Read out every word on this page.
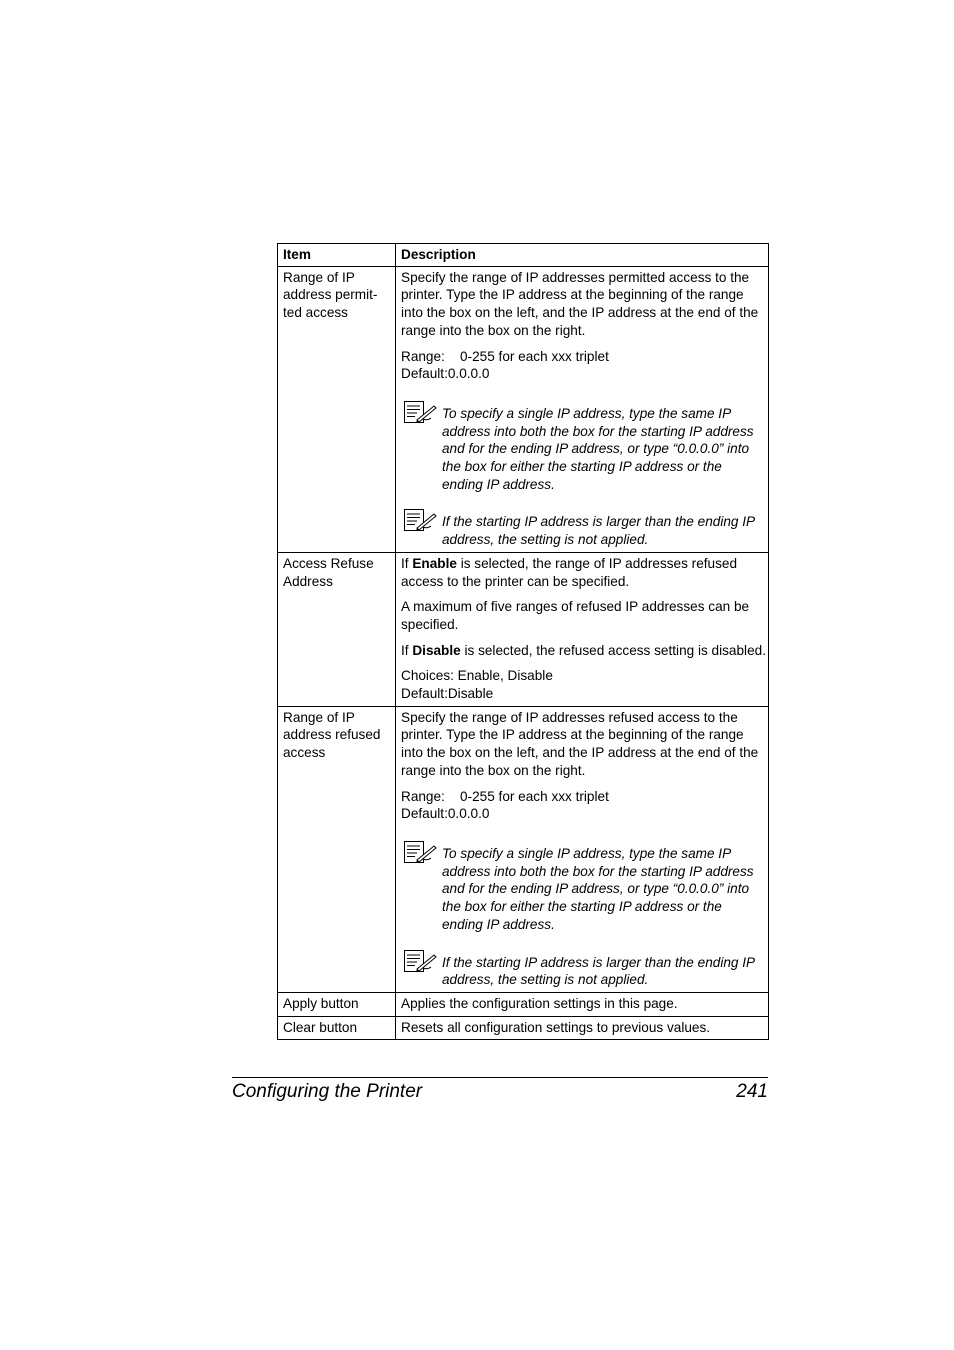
Item	Description
Range of IP address permit-ted access	Specify the range of IP addresses permitted access to the printer. Type the IP address at the beginning of the range into the box on the left, and the IP address at the end of the range into the box on the right.

Range: 0-255 for each xxx triplet
Default:0.0.0.0
To specify a single IP address, type the same IP address into both the box for the starting IP address and for the ending IP address, or type “0.0.0.0” into the box for either the starting IP address or the ending IP address.
If the starting IP address is larger than the ending IP address, the setting is not applied.

Access Refuse Address	If Enable is selected, the range of IP addresses refused access to the printer can be specified.

A maximum of five ranges of refused IP addresses can be specified.

If Disable is selected, the refused access setting is disabled.

Choices: Enable, Disable
Default:Disable

Range of IP address refused access	Specify the range of IP addresses refused access to the printer. Type the IP address at the beginning of the range into the box on the left, and the IP address at the end of the range into the box on the right.

Range: 0-255 for each xxx triplet
Default:0.0.0.0
To specify a single IP address, type the same IP address into both the box for the starting IP address and for the ending IP address, or type “0.0.0.0” into the box for either the starting IP address or the ending IP address.
If the starting IP address is larger than the ending IP address, the setting is not applied.

Apply button	Applies the configuration settings in this page.
Clear button	Resets all configuration settings to previous values.
Configuring the Printer	241
